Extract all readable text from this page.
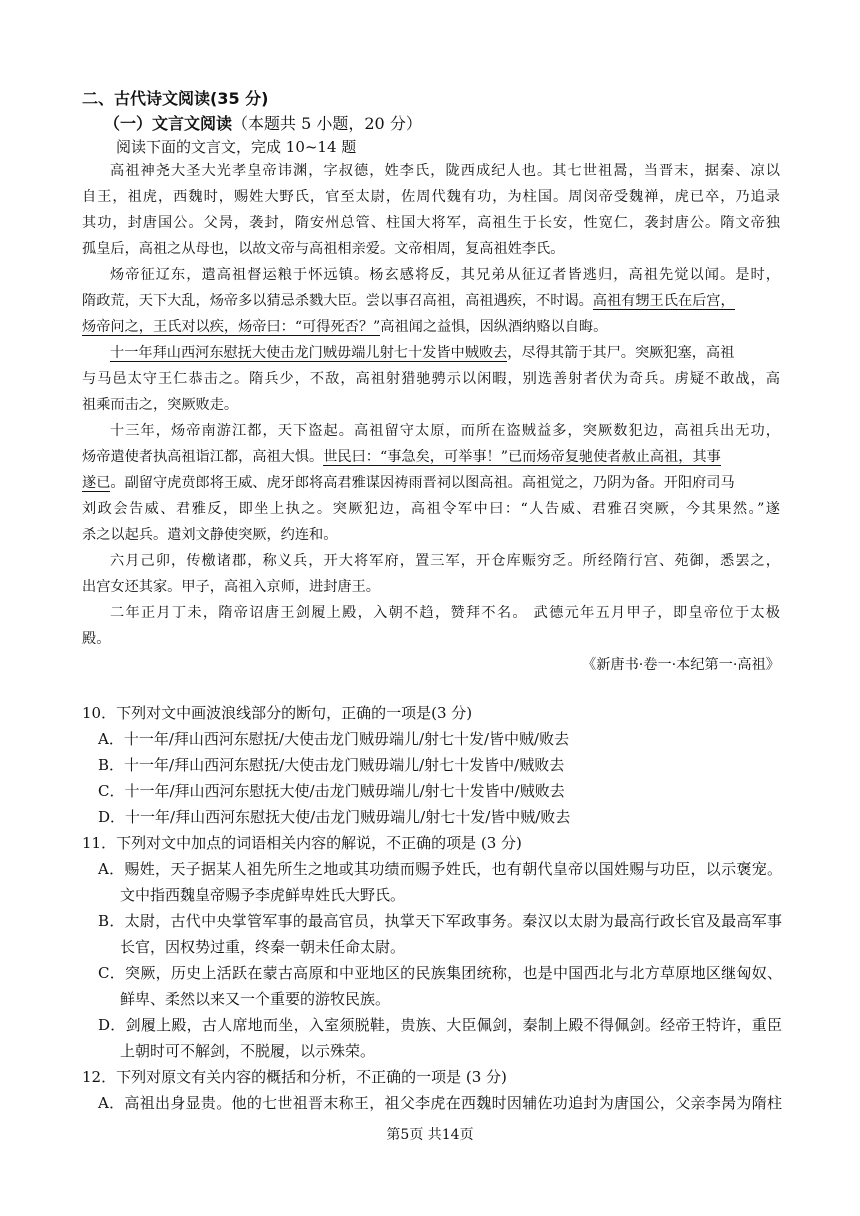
二、古代诗文阅读(35 分)
（一）文言文阅读（本题共 5 小题，20 分）
阅读下面的文言文，完成 10~14 题
高祖神尧大圣大光孝皇帝讳渊，字叔德，姓李氏，陇西成纪人也。其七世祖暠，当晋末，据秦、凉以
自王，祖虎，西魏时，赐姓大野氏，官至太尉，佐周代魏有功，为柱国。周闵帝受魏禅，虎已卒，乃追录
其功，封唐国公。父昺，袭封，隋安州总管、柱国大将军，高祖生于长安，性宽仁，袭封唐公。隋文帝独
孤皇后，高祖之从母也，以故文帝与高祖相亲爱。文帝相周，复高祖姓李氏。
炀帝征辽东，遣高祖督运粮于怀远镇。杨玄感将反，其兄弟从征辽者皆逃归，高祖先觉以闻。是时，
隋政荒，天下大乱，炀帝多以猜忌杀戮大臣。尝以事召高祖，高祖遇疾，不时谒。高祖有甥王氏在后宫，
炀帝问之，王氏对以疾，炀帝曰：“可得死否？”高祖闻之益惧，因纵酒纳赂以自晦。
十一年拜山西河东慰抚大使击龙门贼毋端儿射七十发皆中贼败去，尽得其箭于其尸。突厥犯塞，高祖
与马邑太守王仁恭击之。隋兵少，不敌，高祖射猎驰骋示以闲暇，别选善射者伏为奇兵。虏疑不敢战，高
祖乘而击之，突厥败走。
十三年，炀帝南游江都，天下盗起。高祖留守太原，而所在盗贼益多，突厥数犯边，高祖兵出无功，
炀帝遣使者执高祖诣江都，高祖大惧。世民曰：“事急矣，可举事！”已而炀帝复驰使者赦止高祖，其事
遂已。副留守虎贲郎将王威、虎牙郎将高君雅谋因祷雨晋祠以图高祖。高祖觉之，乃阴为备。开阳府司马
刘政会告威、君雅反，即坐上执之。突厥犯边，高祖令军中曰：“人告威、君雅召突厥，今其果然。”遂
杀之以起兵。遣刘文静使突厥，约连和。
六月己卯，传檄诸郡，称义兵，开大将军府，置三军，开仓库赈穷乏。所经隋行宫、苑御，悉罢之，
出宫女还其家。甲子，高祖入京师，进封唐王。
二年正月丁未，隋帝诏唐王剑履上殿，入朝不趋，赞拜不名。 武德元年五月甲子，即皇帝位于太极
殿。
《新唐书·卷一·本纪第一·高祖》
10．下列对文中画波浪线部分的断句，正确的一项是(3 分)
A．十一年/拜山西河东慰抚/大使击龙门贼毋端儿/射七十发/皆中贼/败去
B．十一年/拜山西河东慰抚/大使击龙门贼毋端儿/射七十发皆中/贼败去
C．十一年/拜山西河东慰抚大使/击龙门贼毋端儿/射七十发皆中/贼败去
D．十一年/拜山西河东慰抚大使/击龙门贼毋端儿/射七十发/皆中贼/败去
11．下列对文中加点的词语相关内容的解说，不正确的项是 (3 分)
A．赐姓，天子据某人祖先所生之地或其功绩而赐予姓氏，也有朝代皇帝以国姓赐与功臣，以示褒宠。
文中指西魏皇帝赐予李虎鲜卑姓氏大野氏。
B．太尉，古代中央掌管军事的最高官员，执掌天下军政事务。秦汉以太尉为最高行政长官及最高军事
长官，因权势过重，终秦一朝未任命太尉。
C．突厥，历史上活跃在蒙古高原和中亚地区的民族集团统称，也是中国西北与北方草原地区继匈奴、
鲜卑、柔然以来又一个重要的游牧民族。
D．剑履上殿，古人席地而坐，入室须脱鞋，贵族、大臣佩剑，秦制上殿不得佩剑。经帝王特许，重臣
上朝时可不解剑，不脱履，以示殊荣。
12．下列对原文有关内容的概括和分析，不正确的一项是 (3 分)
A．高祖出身显贵。他的七世祖晋末称王，祖父李虎在西魏时因辅佐功追封为唐国公，父亲李昺为隋柱
第5页 共14页
